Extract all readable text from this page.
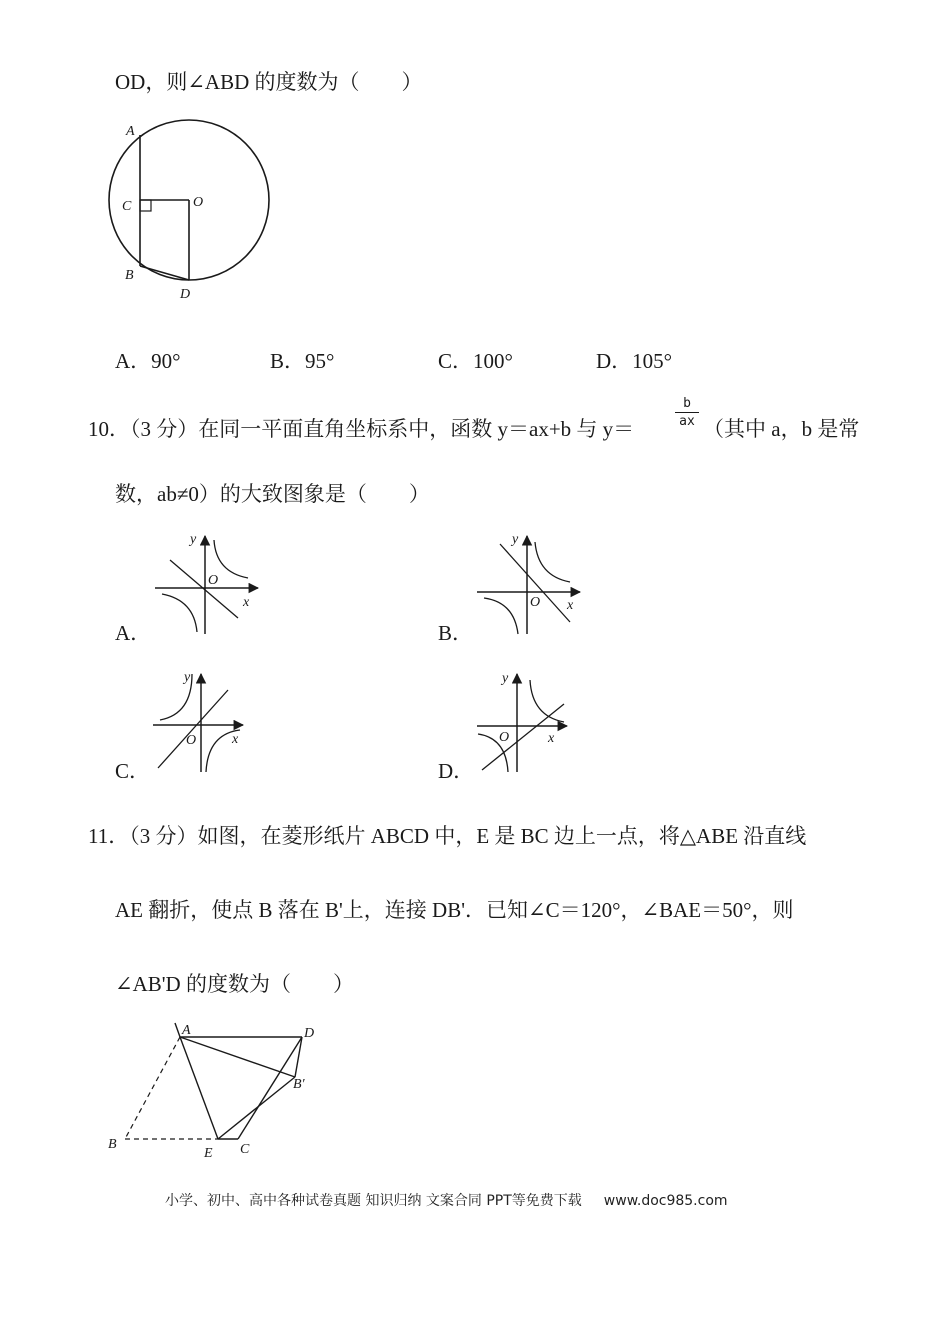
OD，则∠ABD 的度数为（　　）
A
C	O
B
D
A．90°	B．95°	C．100°	D．105°
10．（3 分）在同一平面直角坐标系中，函数 y＝ax+b 与 y＝
b
ax （其中 a，b 是常
数，ab≠0）的大致图象是（　　）
y
x
O
A．
y
x
O
B．
y
x
O
C．
y
x
O
D．
11．（3 分）如图，在菱形纸片 ABCD 中，E 是 BC 边上一点，将△ABE 沿直线
AE 翻折，使点 B 落在 B'上，连接 DB'．已知∠C＝120°，∠BAE＝50°，则
∠AB'D 的度数为（　　）
A	D
B′
B
E C
小学、初中、高中各种试卷真题 知识归纳 文案合同 PPT等免费下载 www.doc985.com
